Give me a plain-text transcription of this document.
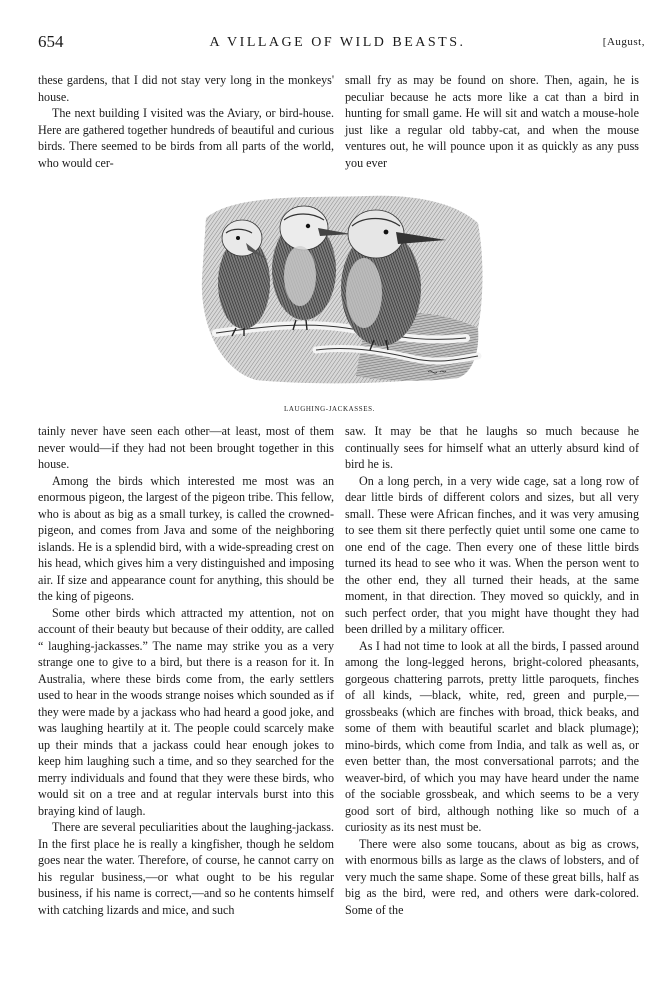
654	A VILLAGE OF WILD BEASTS.	[August,

these gardens, that I did not stay very long in the monkeys' house.

The next building I visited was the Aviary, or bird-house. Here are gathered together hundreds of beautiful and curious birds. There seemed to be birds from all parts of the world, who would cer-

small fry as may be found on shore. Then, again, he is peculiar because he acts more like a cat than a bird in hunting for small game. He will sit and watch a mouse-hole just like a regular old tabby-cat, and when the mouse ventures out, he will pounce upon it as quickly as any puss you ever

LAUGHING-JACKASSES.

tainly never have seen each other—at least, most of them never would—if they had not been brought together in this house.

Among the birds which interested me most was an enormous pigeon, the largest of the pigeon tribe. This fellow, who is about as big as a small turkey, is called the crowned-pigeon, and comes from Java and some of the neighboring islands. He is a splendid bird, with a wide-spreading crest on his head, which gives him a very distinguished and imposing air. If size and appearance count for anything, this should be the king of pigeons.

Some other birds which attracted my attention, not on account of their beauty but because of their oddity, are called “ laughing-jackasses.” The name may strike you as a very strange one to give to a bird, but there is a reason for it. In Australia, where these birds come from, the early settlers used to hear in the woods strange noises which sounded as if they were made by a jackass who had heard a good joke, and was laughing heartily at it. The people could scarcely make up their minds that a jackass could hear enough jokes to keep him laughing such a time, and so they searched for the merry individuals and found that they were these birds, who would sit on a tree and at regular intervals burst into this braying kind of laugh.

There are several peculiarities about the laughing-jackass. In the first place he is really a kingfisher, though he seldom goes near the water. Therefore, of course, he cannot carry on his regular business,—or what ought to be his regular business, if his name is correct,—and so he contents himself with catching lizards and mice, and such

saw. It may be that he laughs so much because he continually sees for himself what an utterly absurd kind of bird he is.

On a long perch, in a very wide cage, sat a long row of dear little birds of different colors and sizes, but all very small. These were African finches, and it was very amusing to see them sit there perfectly quiet until some one came to one end of the cage. Then every one of these little birds turned its head to see who it was. When the person went to the other end, they all turned their heads, at the same moment, in that direction. They moved so quickly, and in such perfect order, that you might have thought they had been drilled by a military officer.

As I had not time to look at all the birds, I passed around among the long-legged herons, bright-colored pheasants, gorgeous chattering parrots, pretty little paroquets, finches of all kinds, —black, white, red, green and purple,—grossbeaks (which are finches with broad, thick beaks, and some of them with beautiful scarlet and black plumage); mino-birds, which come from India, and talk as well as, or even better than, the most conversational parrots; and the weaver-bird, of which you may have heard under the name of the sociable grossbeak, and which seems to be a very good sort of bird, although nothing like so much of a curiosity as its nest must be.

There were also some toucans, about as big as crows, with enormous bills as large as the claws of lobsters, and of very much the same shape. Some of these great bills, half as big as the bird, were red, and others were dark-colored. Some of the
